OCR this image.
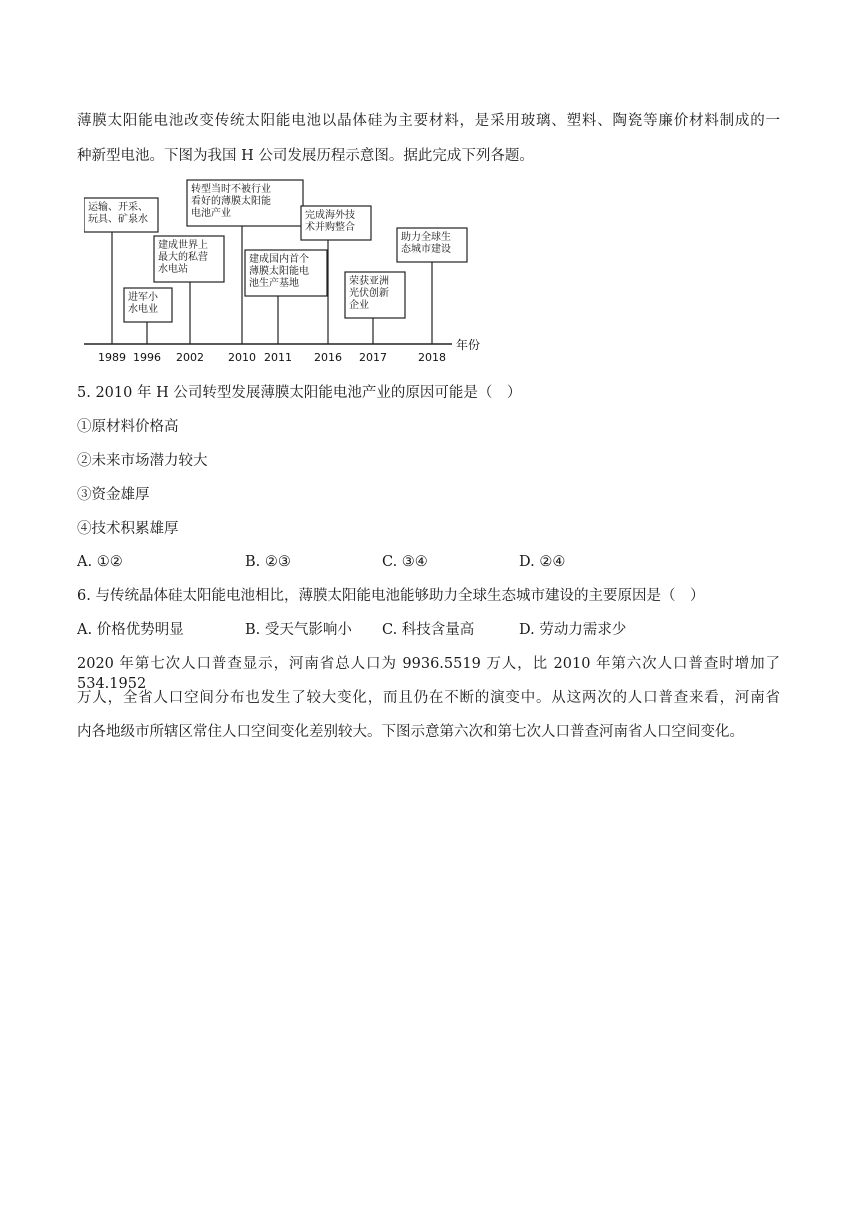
薄膜太阳能电池改变传统太阳能电池以晶体硅为主要材料，是采用玻璃、塑料、陶瓷等廉价材料制成的一
种新型电池。下图为我国 H 公司发展历程示意图。据此完成下列各题。
运输、开采、
玩具、矿泉水
1989
进军小
水电业
1996
建成世界上
最大的私营
水电站
2002
转型当时不被行业
看好的薄膜太阳能
电池产业
2010
建成国内首个
薄膜太阳能电
池生产基地
2011
完成海外技
术并购整合
2016
荣获亚洲
光伏创新
企业
2017
助力全球生
态城市建设
2018
年份
5. 2010 年 H 公司转型发展薄膜太阳能电池产业的原因可能是（　）
①原材料价格高
②未来市场潜力较大
③资金雄厚
④技术积累雄厚
A. ①②	B. ②③	C. ③④	D. ②④
6. 与传统晶体硅太阳能电池相比，薄膜太阳能电池能够助力全球生态城市建设的主要原因是（　）
A. 价格优势明显	B. 受天气影响小 C. 科技含量高	D. 劳动力需求少
2020 年第七次人口普查显示，河南省总人口为 9936.5519 万人，比 2010 年第六次人口普查时增加了 534.1952
万人，全省人口空间分布也发生了较大变化，而且仍在不断的演变中。从这两次的人口普查来看，河南省
内各地级市所辖区常住人口空间变化差别较大。下图示意第六次和第七次人口普查河南省人口空间变化。
